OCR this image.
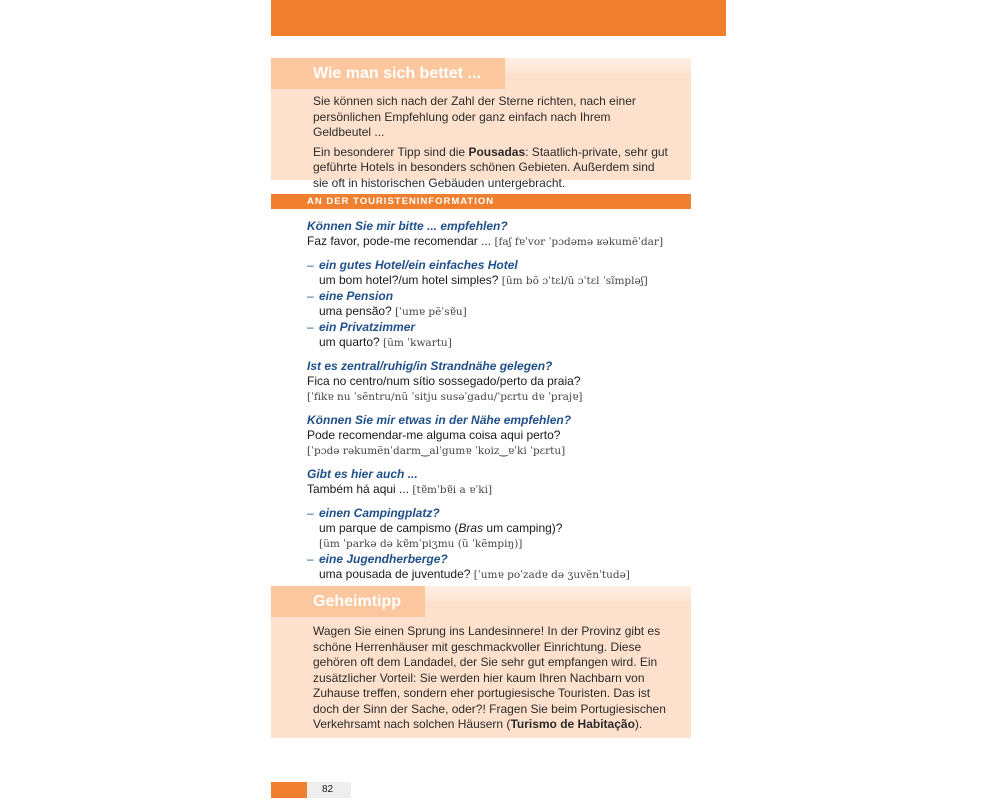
Wie man sich bettet ...

Sie können sich nach der Zahl der Sterne richten, nach einer persönlichen Empfehlung oder ganz einfach nach Ihrem Geldbeutel ...

Ein besonderer Tipp sind die Pousadas: Staatlich-private, sehr gut geführte Hotels in besonders schönen Gebieten. Außerdem sind sie oft in historischen Gebäuden untergebracht.

AN DER TOURISTENINFORMATION
Können Sie mir bitte ... empfehlen?
Faz favor, pode-me recomendar ... [faʃ fɐˈvor ˈpɔdəmə ʁəkumẽˈdar]
– ein gutes Hotel/ein einfaches Hotel
um bom hotel?/um hotel simples? [ũm bõ ɔˈtɛl/ũ ɔˈtɛl ˈsĩmpləʃ]
– eine Pension
uma pensão? [ˈumɐ pẽˈsɐ̃u]
– ein Privatzimmer
um quarto? [ũm ˈkwartu]
Ist es zentral/ruhig/in Strandnähe gelegen?
Fica no centro/num sítio sossegado/perto da praia?
[ˈfikɐ nu ˈsẽntru/nũ ˈsitju susəˈgadu/ˈpɛrtu dɐ ˈprajɐ]
Können Sie mir etwas in der Nähe empfehlen?
Pode recomendar-me alguma coisa aqui perto?
[ˈpɔdə rəkumẽnˈdarm‿alˈgumɐ ˈkoiz‿ɐˈki ˈpɛrtu]
Gibt es hier auch ...
Também há aqui ... [tɐ̃mˈbɐ̃i a ɐˈki]
– einen Campingplatz?
um parque de campismo (Bras um camping)?
[ũm ˈparkə də kɐ̃mˈpiʒmu (ũ ˈkẽmpiŋ)]
– eine Jugendherberge?
uma pousada de juventude? [ˈumɐ poˈzadɐ də ʒuvẽnˈtudə]
Geheimtipp

Wagen Sie einen Sprung ins Landesinnere! In der Provinz gibt es schöne Herrenhäuser mit geschmackvoller Einrichtung. Diese gehören oft dem Landadel, der Sie sehr gut empfangen wird. Ein zusätzlicher Vorteil: Sie werden hier kaum Ihren Nachbarn von Zuhause treffen, sondern eher portugiesische Touristen. Das ist doch der Sinn der Sache, oder?! Fragen Sie beim Portugiesischen Verkehrsamt nach solchen Häusern (Turismo de Habitação).

82
